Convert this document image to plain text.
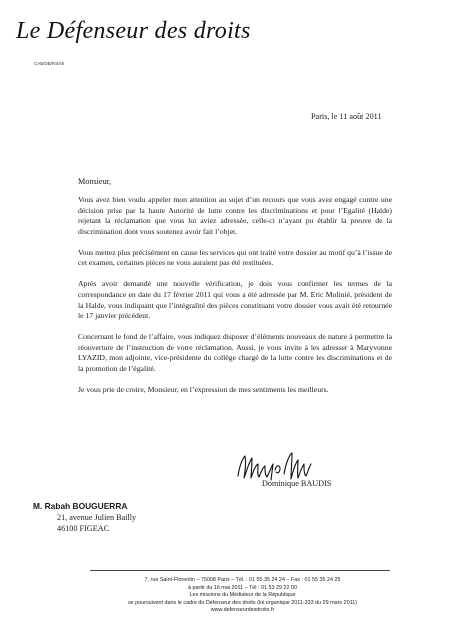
Le Défenseur des droits
CAB/DB/RS/sh
Paris, le 11 août 2011
Monsieur,

Vous avez bien voulu appeler mon attention au sujet d’un recours que vous avez engagé contre une décision prise par la haute Autorité de lutte contre les discriminations et pour l’Egalité (Halde) rejetant la réclamation que vous lui aviez adressée, celle-ci n’ayant pu établir la preuve de la discrimination dont vous soutenez avoir fait l’objet.

Vous mettez plus précisément en cause les services qui ont traité votre dossier au motif qu’à l’issue de cet examen, certaines pièces ne vous auraient pas été restituées.

Après avoir demandé une nouvelle vérification, je dois vous confirmer les termes de la correspondance en date du 17 février 2011 qui vous a été adressée par M. Eric Molinié, président de la Halde, vous indiquant que l’intégralité des pièces constituant votre dossier vous avait été retournée le 17 janvier précédent.

Concernant le fond de l’affaire, vous indiquez disposer d’éléments nouveaux de nature à permettre la réouverture de l’instruction de votre réclamation. Aussi, je vous invite à les adresser à Maryvonne LYAZID, mon adjointe, vice-présidente du collège chargé de la lutte contre les discriminations et de la promotion de l’égalité.

Je vous prie de croire, Monsieur, en l’expression de mes sentiments les meilleurs.

Dominique BAUDIS
M. Rabah BOUGUERRA
21, avenue Julien Bailly
46100 FIGEAC
7, rue Saint-Florentin – 75008 Paris – Tél. : 01 55 35 24 24 – Fax : 01 55 35 24 25
à partir du 16 mai 2011 – Tél : 01 53 29 22 00
Les missions du Médiateur de la République
se poursuivent dans le cadre du Défenseur des droits (loi organique 2011-333 du 29 mars 2011)
www.defenseurdesdroits.fr
